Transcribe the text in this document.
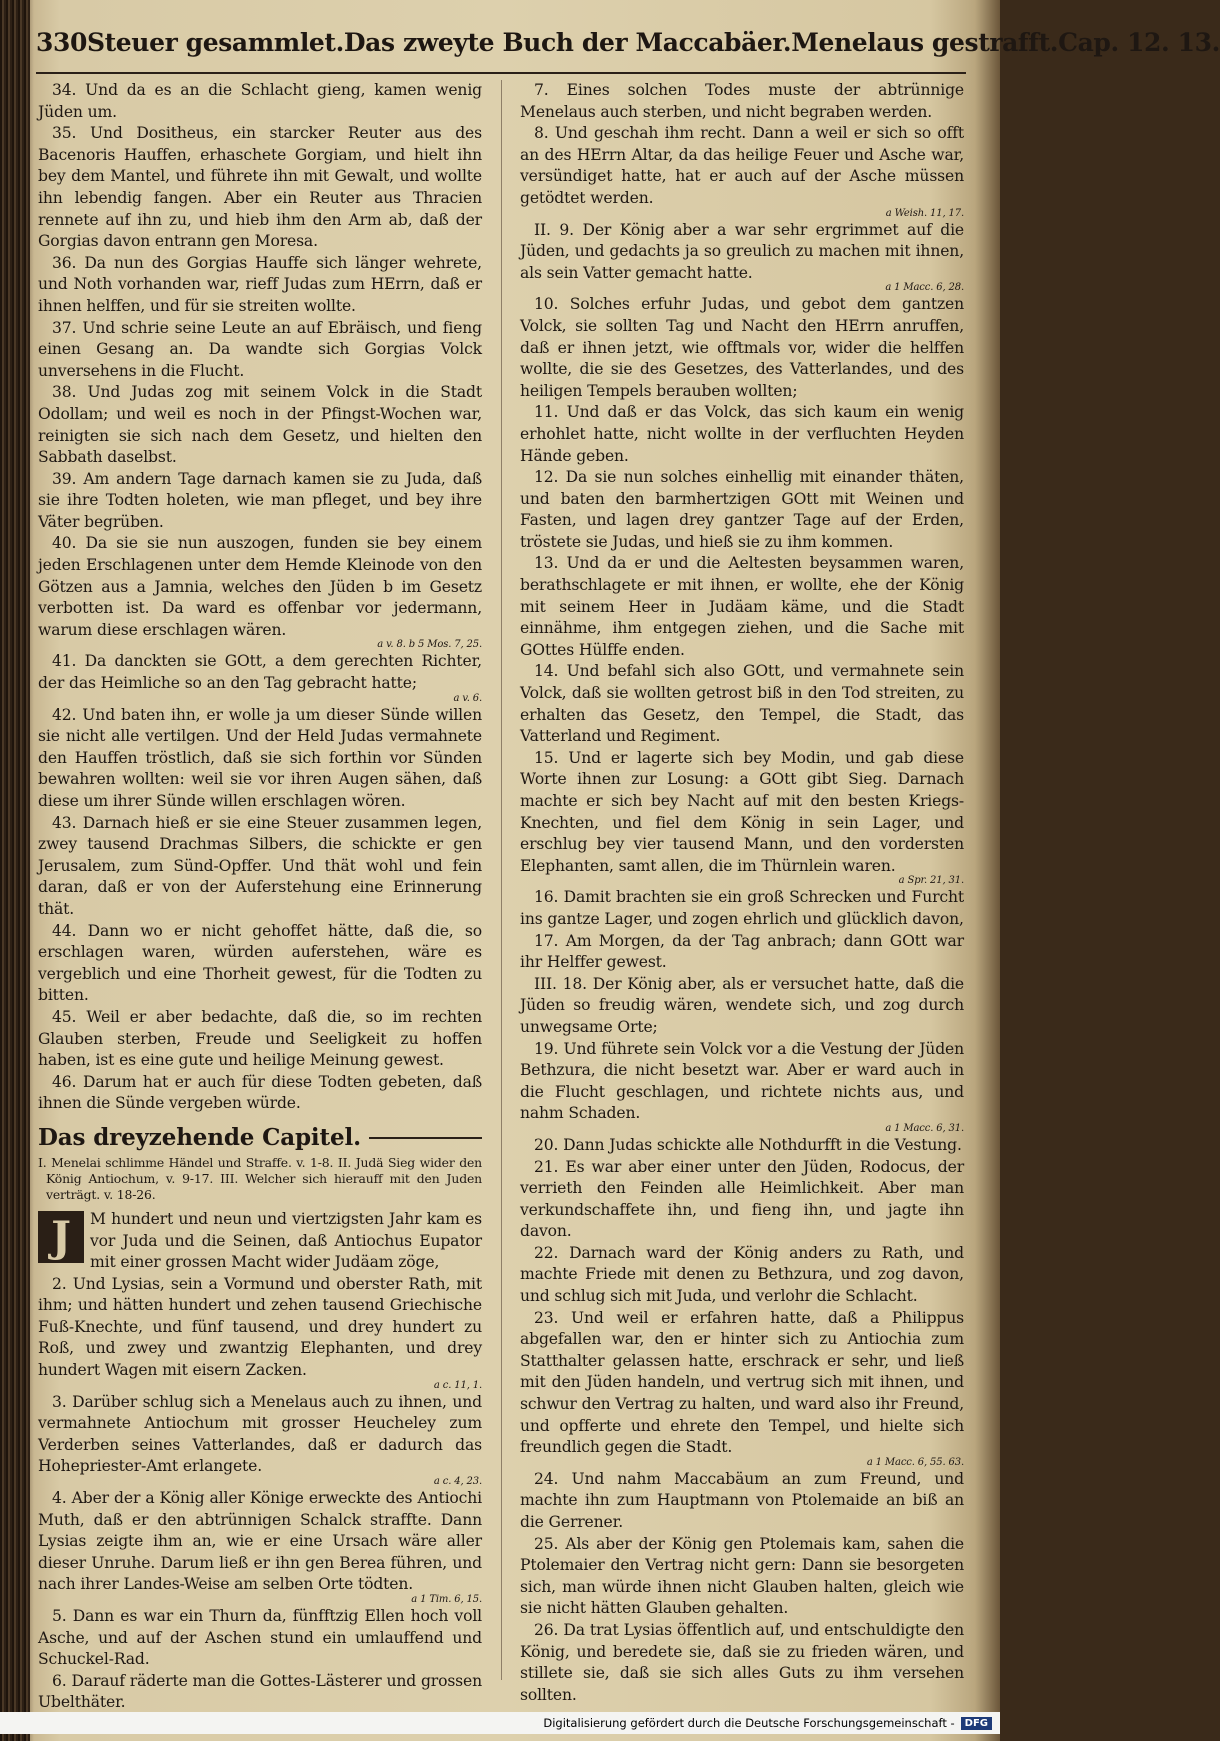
330 Steuer gesammlet. Das zweyte Buch der Maccabäer. Menelaus gestrafft. Cap. 12. 13.

34. Und da es an die Schlacht gieng, kamen wenig Jüden um.

35. Und Dositheus, ein starcker Reuter aus des Bacenoris Hauffen, erhaschete Gorgiam, und hielt ihn bey dem Mantel, und führete ihn mit Gewalt, und wollte ihn lebendig fangen. Aber ein Reuter aus Thracien rennete auf ihn zu, und hieb ihm den Arm ab, daß der Gorgias davon entrann gen Moresa.

36. Da nun des Gorgias Hauffe sich länger wehrete, und Noth vorhanden war, rieff Judas zum HErrn, daß er ihnen helffen, und für sie streiten wollte.

37. Und schrie seine Leute an auf Ebräisch, und fieng einen Gesang an. Da wandte sich Gorgias Volck unversehens in die Flucht.

38. Und Judas zog mit seinem Volck in die Stadt Odollam; und weil es noch in der Pfingst-Wochen war, reinigten sie sich nach dem Gesetz, und hielten den Sabbath daselbst.

39. Am andern Tage darnach kamen sie zu Juda, daß sie ihre Todten holeten, wie man pfleget, und bey ihre Väter begrüben.

40. Da sie sie nun auszogen, funden sie bey einem jeden Erschlagenen unter dem Hemde Kleinode von den Götzen aus a Jamnia, welches den Jüden b im Gesetz verbotten ist. Da ward es offenbar vor jedermann, warum diese erschlagen wären.

a v. 8. b 5 Mos. 7, 25.

41. Da danckten sie GOtt, a dem gerechten Richter, der das Heimliche so an den Tag gebracht hatte;

a v. 6.

42. Und baten ihn, er wolle ja um dieser Sünde willen sie nicht alle vertilgen. Und der Held Judas vermahnete den Hauffen tröstlich, daß sie sich forthin vor Sünden bewahren wollten: weil sie vor ihren Augen sähen, daß diese um ihrer Sünde willen erschlagen wören.

43. Darnach hieß er sie eine Steuer zusammen legen, zwey tausend Drachmas Silbers, die schickte er gen Jerusalem, zum Sünd-Opffer. Und thät wohl und fein daran, daß er von der Auferstehung eine Erinnerung thät.

44. Dann wo er nicht gehoffet hätte, daß die, so erschlagen waren, würden auferstehen, wäre es vergeblich und eine Thorheit gewest, für die Todten zu bitten.

45. Weil er aber bedachte, daß die, so im rechten Glauben sterben, Freude und Seeligkeit zu hoffen haben, ist es eine gute und heilige Meinung gewest.

46. Darum hat er auch für diese Todten gebeten, daß ihnen die Sünde vergeben würde.

Das dreyzehende Capitel.

I. Menelai schlimme Händel und Straffe. v. 1-8. II. Judä Sieg wider den König Antiochum, v. 9-17. III. Welcher sich hierauff mit den Juden verträgt. v. 18-26.

J	M hundert und neun und viertzigsten Jahr kam es vor Juda und die Seinen, daß Antiochus Eupator mit einer grossen Macht wider Judäam zöge,

2. Und Lysias, sein a Vormund und oberster Rath, mit ihm; und hätten hundert und zehen tausend Griechische Fuß-Knechte, und fünf tausend, und drey hundert zu Roß, und zwey und zwantzig Elephanten, und drey hundert Wagen mit eisern Zacken.

a c. 11, 1.

3. Darüber schlug sich a Menelaus auch zu ihnen, und vermahnete Antiochum mit grosser Heucheley zum Verderben seines Vatterlandes, daß er dadurch das Hohepriester-Amt erlangete.

a c. 4, 23.

4. Aber der a König aller Könige erweckte des Antiochi Muth, daß er den abtrünnigen Schalck straffte. Dann Lysias zeigte ihm an, wie er eine Ursach wäre aller dieser Unruhe. Darum ließ er ihn gen Berea führen, und nach ihrer Landes-Weise am selben Orte tödten.

a 1 Tim. 6, 15.

5. Dann es war ein Thurn da, fünfftzig Ellen hoch voll Asche, und auf der Aschen stund ein umlauffend und Schuckel-Rad.

6. Darauf räderte man die Gottes-Lästerer und grossen Ubelthäter.

7. Eines solchen Todes muste der abtrünnige Menelaus auch sterben, und nicht begraben werden.

8. Und geschah ihm recht. Dann a weil er sich so offt an des HErrn Altar, da das heilige Feuer und Asche war, versündiget hatte, hat er auch auf der Asche müssen getödtet werden.

a Weish. 11, 17.

II. 9. Der König aber a war sehr ergrimmet auf die Jüden, und gedachts ja so greulich zu machen mit ihnen, als sein Vatter gemacht hatte.

a 1 Macc. 6, 28.

10. Solches erfuhr Judas, und gebot dem gantzen Volck, sie sollten Tag und Nacht den HErrn anruffen, daß er ihnen jetzt, wie offtmals vor, wider die helffen wollte, die sie des Gesetzes, des Vatterlandes, und des heiligen Tempels berauben wollten;

11. Und daß er das Volck, das sich kaum ein wenig erhohlet hatte, nicht wollte in der verfluchten Heyden Hände geben.

12. Da sie nun solches einhellig mit einander thäten, und baten den barmhertzigen GOtt mit Weinen und Fasten, und lagen drey gantzer Tage auf der Erden, tröstete sie Judas, und hieß sie zu ihm kommen.

13. Und da er und die Aeltesten beysammen waren, berathschlagete er mit ihnen, er wollte, ehe der König mit seinem Heer in Judäam käme, und die Stadt einnähme, ihm entgegen ziehen, und die Sache mit GOttes Hülffe enden.

14. Und befahl sich also GOtt, und vermahnete sein Volck, daß sie wollten getrost biß in den Tod streiten, zu erhalten das Gesetz, den Tempel, die Stadt, das Vatterland und Regiment.

15. Und er lagerte sich bey Modin, und gab diese Worte ihnen zur Losung: a GOtt gibt Sieg. Darnach machte er sich bey Nacht auf mit den besten Kriegs-Knechten, und fiel dem König in sein Lager, und erschlug bey vier tausend Mann, und den vordersten Elephanten, samt allen, die im Thürnlein waren.

a Spr. 21, 31.

16. Damit brachten sie ein groß Schrecken und Furcht ins gantze Lager, und zogen ehrlich und glücklich davon,

17. Am Morgen, da der Tag anbrach; dann GOtt war ihr Helffer gewest.

III. 18. Der König aber, als er versuchet hatte, daß die Jüden so freudig wären, wendete sich, und zog durch unwegsame Orte;

19. Und führete sein Volck vor a die Vestung der Jüden Bethzura, die nicht besetzt war. Aber er ward auch in die Flucht geschlagen, und richtete nichts aus, und nahm Schaden.

a 1 Macc. 6, 31.

20. Dann Judas schickte alle Nothdurfft in die Vestung.

21. Es war aber einer unter den Jüden, Rodocus, der verrieth den Feinden alle Heimlichkeit. Aber man verkundschaffete ihn, und fieng ihn, und jagte ihn davon.

22. Darnach ward der König anders zu Rath, und machte Friede mit denen zu Bethzura, und zog davon, und schlug sich mit Juda, und verlohr die Schlacht.

23. Und weil er erfahren hatte, daß a Philippus abgefallen war, den er hinter sich zu Antiochia zum Statthalter gelassen hatte, erschrack er sehr, und ließ mit den Jüden handeln, und vertrug sich mit ihnen, und schwur den Vertrag zu halten, und ward also ihr Freund, und opfferte und ehrete den Tempel, und hielte sich freundlich gegen die Stadt.

a 1 Macc. 6, 55. 63.

24. Und nahm Maccabäum an zum Freund, und machte ihn zum Hauptmann von Ptolemaide an biß an die Gerrener.

25. Als aber der König gen Ptolemais kam, sahen die Ptolemaier den Vertrag nicht gern: Dann sie besorgeten sich, man würde ihnen nicht Glauben halten, gleich wie sie nicht hätten Glauben gehalten.

26. Da trat Lysias öffentlich auf, und entschuldigte den König, und beredete sie, daß sie zu frieden wären, und stillete sie, daß sie sich alles Guts zu ihm versehen sollten.

Digitalisierung gefördert durch die Deutsche Forschungsgemeinschaft -	DFG
